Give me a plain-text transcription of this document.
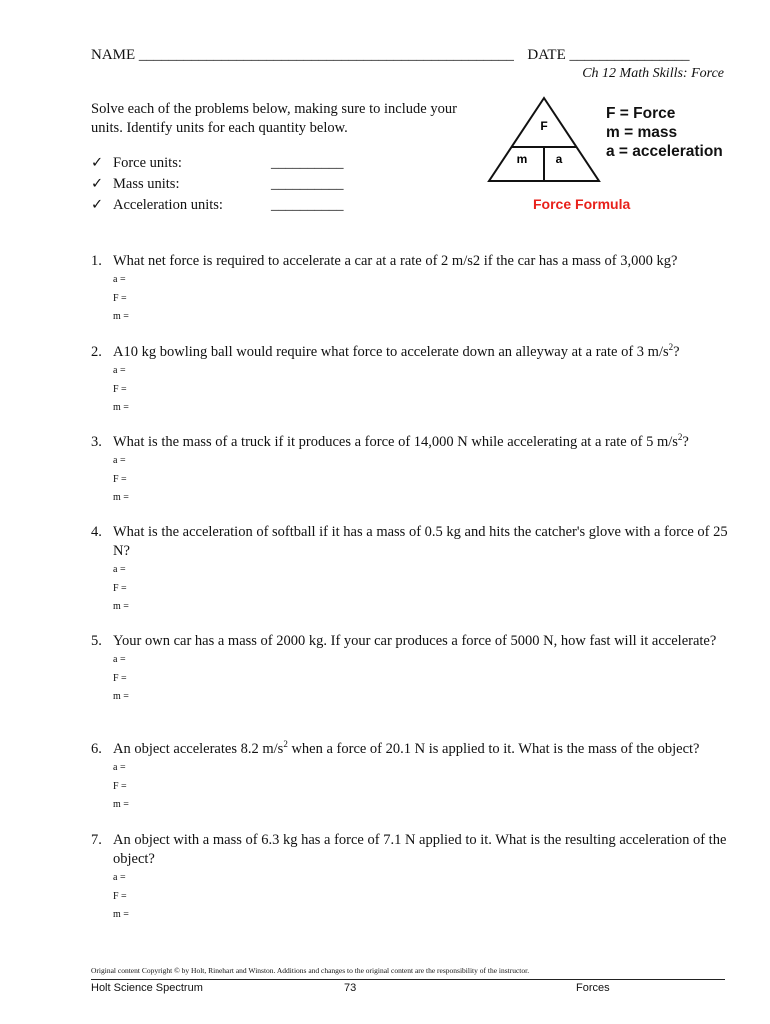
NAME __________________________________________________ DATE ________________
Ch 12 Math Skills: Force
Solve each of the problems below, making sure to include your units. Identify units for each quantity below.
✓ Force units:	__________
✓ Mass units:	__________
✓ Acceleration units:	__________
F
m a
F = Force
m = mass
a = acceleration
Force Formula
1. What net force is required to accelerate a car at a rate of 2 m/s2 if the car has a mass of 3,000 kg?
a =
F =
m =
2. A10 kg bowling ball would require what force to accelerate down an alleyway at a rate of 3 $m/s^2$?
a =
F =
m =
3. What is the mass of a truck if it produces a force of 14,000 N while accelerating at a rate of 5 $m/s^2$?
a =
F =
m =
4. What is the acceleration of softball if it has a mass of 0.5 kg and hits the catcher's glove with a force of 25 N?
a =
F =
m =
5. Your own car has a mass of 2000 kg. If your car produces a force of 5000 N, how fast will it accelerate?
a =
F =
m =
6. An object accelerates 8.2 $m/s^2$ when a force of 20.1 N is applied to it. What is the mass of the object?
a =
F =
m =
7. An object with a mass of 6.3 kg has a force of 7.1 N applied to it. What is the resulting acceleration of the object?
a =
F =
m =
Original content Copyright © by Holt, Rinehart and Winston. Additions and changes to the original content are the responsibility of the instructor.
Holt Science Spectrum	73	Forces
